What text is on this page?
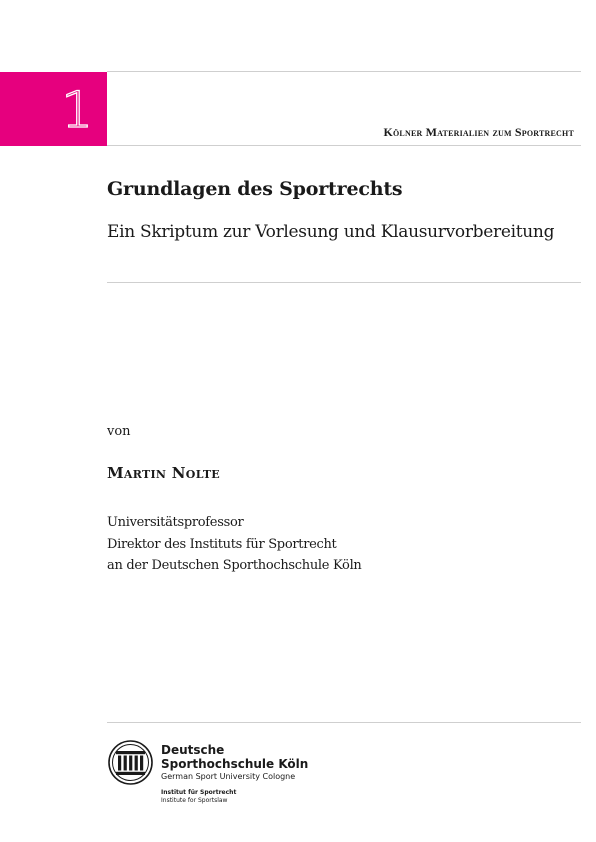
1	Kölner Materialien zum Sportrecht
Grundlagen des Sportrechts
Ein Skriptum zur Vorlesung und Klausurvorbereitung
von
Martin Nolte
Universitätsprofessor
Direktor des Instituts für Sportrecht
an der Deutschen Sporthochschule Köln
Deutsche
Sporthochschule Köln
German Sport University Cologne
Institut für Sportrecht
Institute for Sportslaw
